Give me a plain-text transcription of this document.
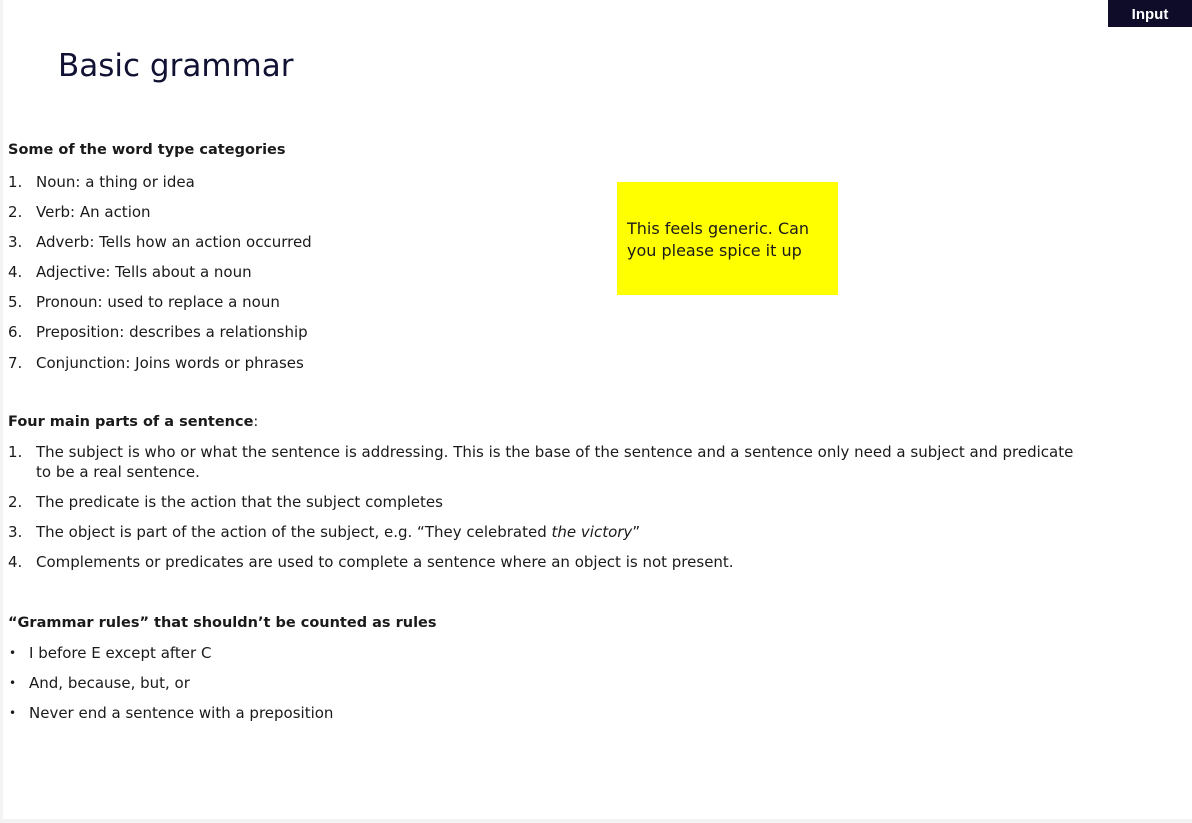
Basic grammar
Some of the word type categories
1. Noun: a thing or idea
2. Verb: An action
3. Adverb: Tells how an action occurred
4. Adjective: Tells about a noun
5. Pronoun: used to replace a noun
6. Preposition: describes a relationship
7. Conjunction: Joins words or phrases
Four main parts of a sentence:
1. The subject is who or what the sentence is addressing. This is the base of the sentence and a sentence only need a subject and predicate to be a real sentence.
2. The predicate is the action that the subject completes
3. The object is part of the action of the subject, e.g. “They celebrated the victory”
4. Complements or predicates are used to complete a sentence where an object is not present.
“Grammar rules” that shouldn’t be counted as rules
• I before E except after C
• And, because, but, or
• Never end a sentence with a preposition
This feels generic. Can you please spice it up
Input
